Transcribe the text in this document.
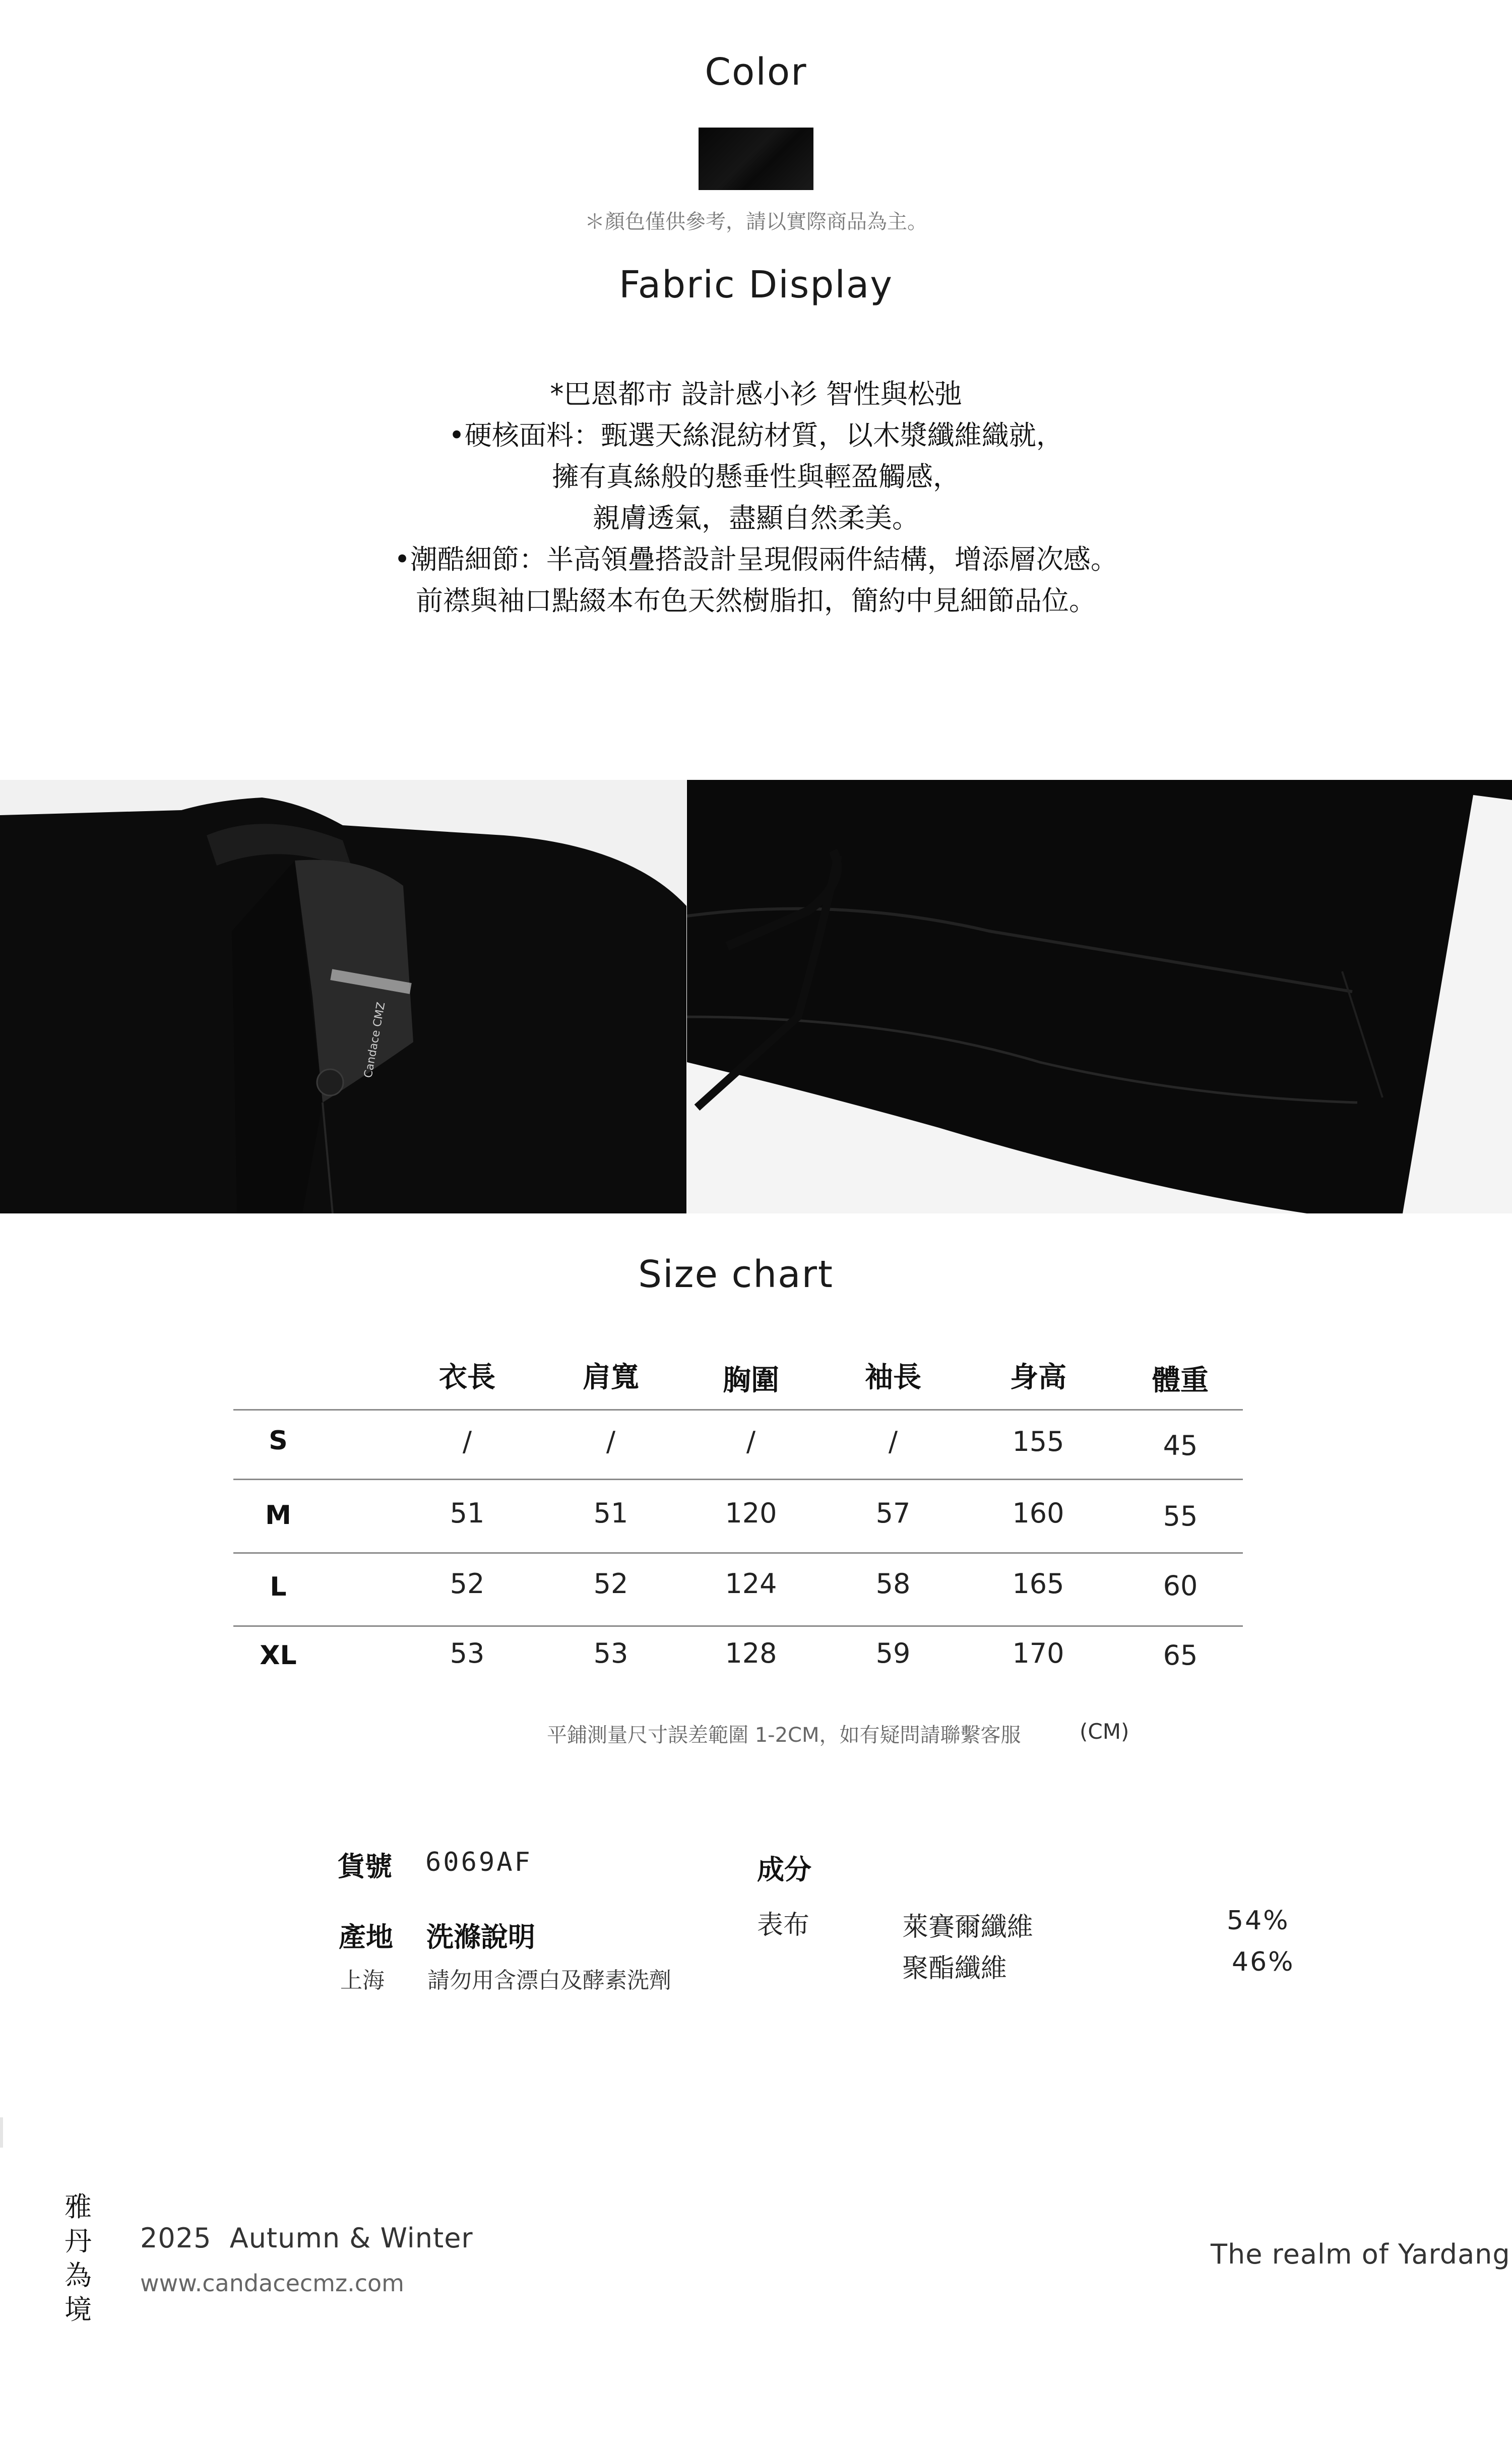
Color
＊顏色僅供參考，請以實際商品為主。
Fabric Display

*巴恩都市 設計感小衫 智性與松弛

•硬核面料：甄選天絲混紡材質，以木漿纖維織就，

擁有真絲般的懸垂性與輕盈觸感，

親膚透氣，盡顯自然柔美。

•潮酷細節：半高領疊搭設計呈現假兩件結構，增添層次感。

前襟與袖口點綴本布色天然樹脂扣，簡約中見細節品位。

Candace CMZ
Size chart
衣長	肩寬	胸圍	袖長	身高	體重
S	/	/	/	/	155	45
M	51	51	120	57	160	55
L	52	52	124	58	165	60
XL	53	53	128	59	170	65
平鋪測量尺寸誤差範圍 1-2CM，如有疑問請聯繫客服	(CM)
貨號 6069AF
產地 洗滌說明
上海 請勿用含漂白及酵素洗劑
成分
表布	萊賽爾纖維	54%
聚酯纖維	46%
雅
丹
為
境
2025  Autumn & Winter
www.candacecmz.com
The realm of Yardang
